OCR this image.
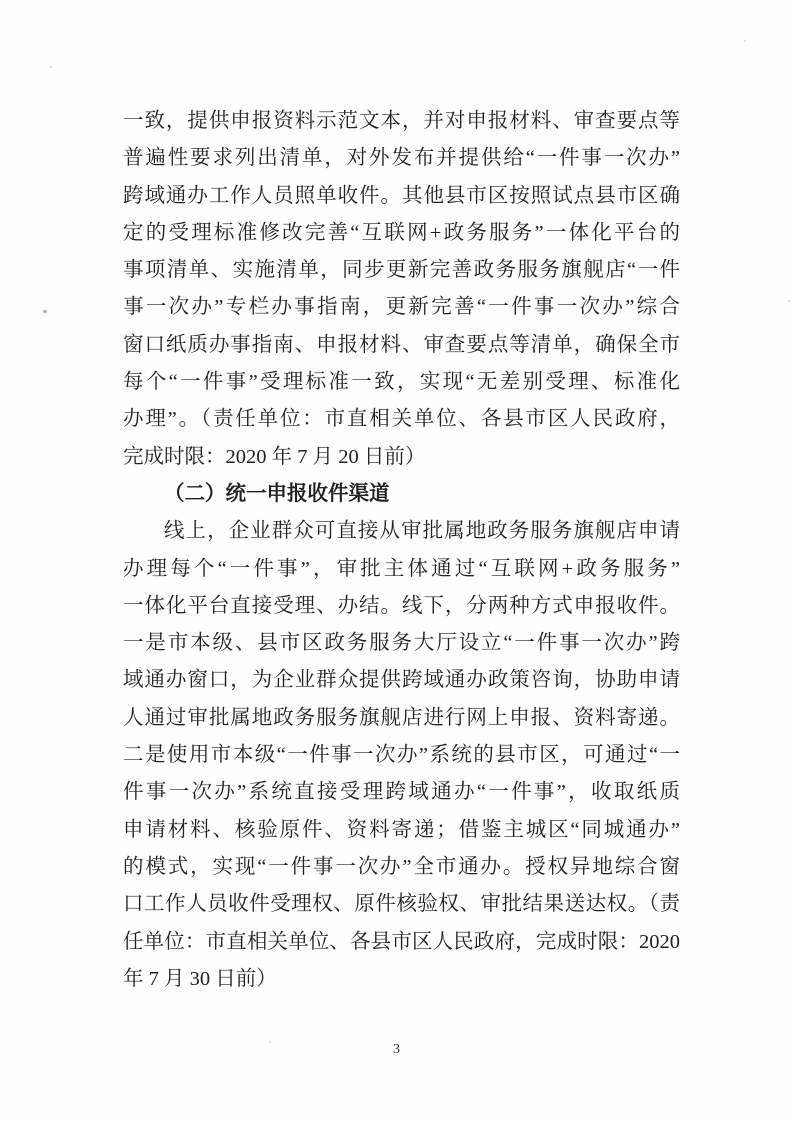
一致，提供申报资料示范文本，并对申报材料、审查要点等
普遍性要求列出清单，对外发布并提供给“一件事一次办”
跨域通办工作人员照单收件。其他县市区按照试点县市区确
定的受理标准修改完善“互联网+政务服务”一体化平台的
事项清单、实施清单，同步更新完善政务服务旗舰店“一件
事一次办”专栏办事指南，更新完善“一件事一次办”综合
窗口纸质办事指南、申报材料、审查要点等清单，确保全市
每个“一件事”受理标准一致，实现“无差别受理、标准化
办理”。（责任单位：市直相关单位、各县市区人民政府，
完成时限：2020 年 7 月 20 日前）
（二）统一申报收件渠道
线上，企业群众可直接从审批属地政务服务旗舰店申请
办理每个“一件事”，审批主体通过“互联网+政务服务”
一体化平台直接受理、办结。线下，分两种方式申报收件。
一是市本级、县市区政务服务大厅设立“一件事一次办”跨
域通办窗口，为企业群众提供跨域通办政策咨询，协助申请
人通过审批属地政务服务旗舰店进行网上申报、资料寄递。
二是使用市本级“一件事一次办”系统的县市区，可通过“一
件事一次办”系统直接受理跨域通办“一件事”，收取纸质
申请材料、核验原件、资料寄递；借鉴主城区“同城通办”
的模式，实现“一件事一次办”全市通办。授权异地综合窗
口工作人员收件受理权、原件核验权、审批结果送达权。（责
任单位：市直相关单位、各县市区人民政府，完成时限：2020
年 7 月 30 日前）
3
